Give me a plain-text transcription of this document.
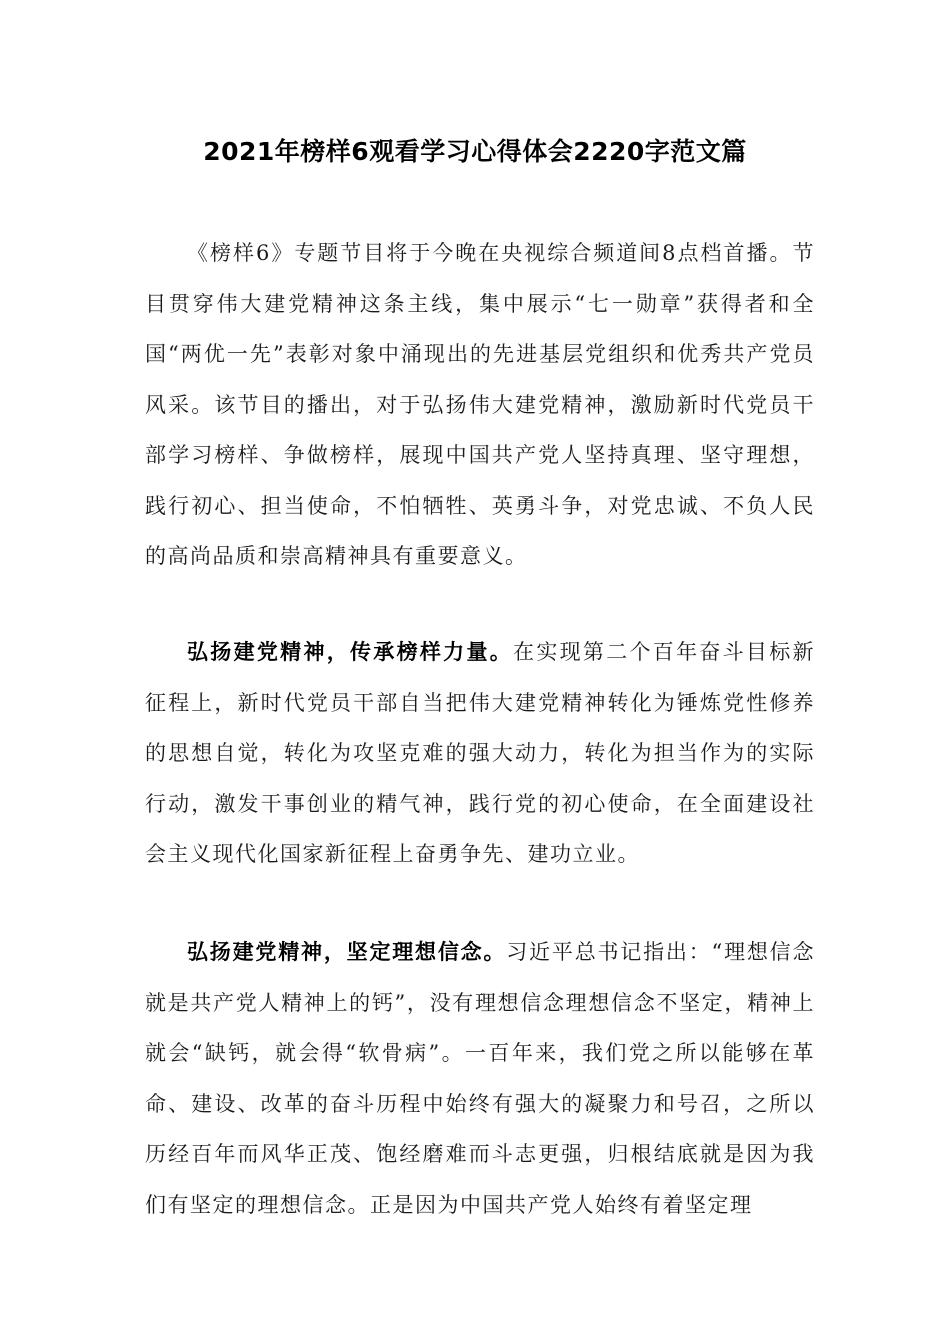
2021年榜样6观看学习心得体会2220字范文篇

《榜样6》专题节目将于今晚在央视综合频道间8点档首播。节目贯穿伟大建党精神这条主线，集中展示“七一勋章”获得者和全国“两优一先”表彰对象中涌现出的先进基层党组织和优秀共产党员风采。该节目的播出，对于弘扬伟大建党精神，激励新时代党员干部学习榜样、争做榜样，展现中国共产党人坚持真理、坚守理想，践行初心、担当使命，不怕牺牲、英勇斗争，对党忠诚、不负人民的高尚品质和崇高精神具有重要意义。

弘扬建党精神，传承榜样力量。在实现第二个百年奋斗目标新征程上，新时代党员干部自当把伟大建党精神转化为锤炼党性修养的思想自觉，转化为攻坚克难的强大动力，转化为担当作为的实际行动，激发干事创业的精气神，践行党的初心使命，在全面建设社会主义现代化国家新征程上奋勇争先、建功立业。

弘扬建党精神，坚定理想信念。习近平总书记指出：“理想信念就是共产党人精神上的钙”，没有理想信念理想信念不坚定，精神上就会“缺钙，就会得“软骨病”。一百年来，我们党之所以能够在革命、建设、改革的奋斗历程中始终有强大的凝聚力和号召，之所以历经百年而风华正茂、饱经磨难而斗志更强，归根结底就是因为我们有坚定的理想信念。正是因为中国共产党人始终有着坚定理
